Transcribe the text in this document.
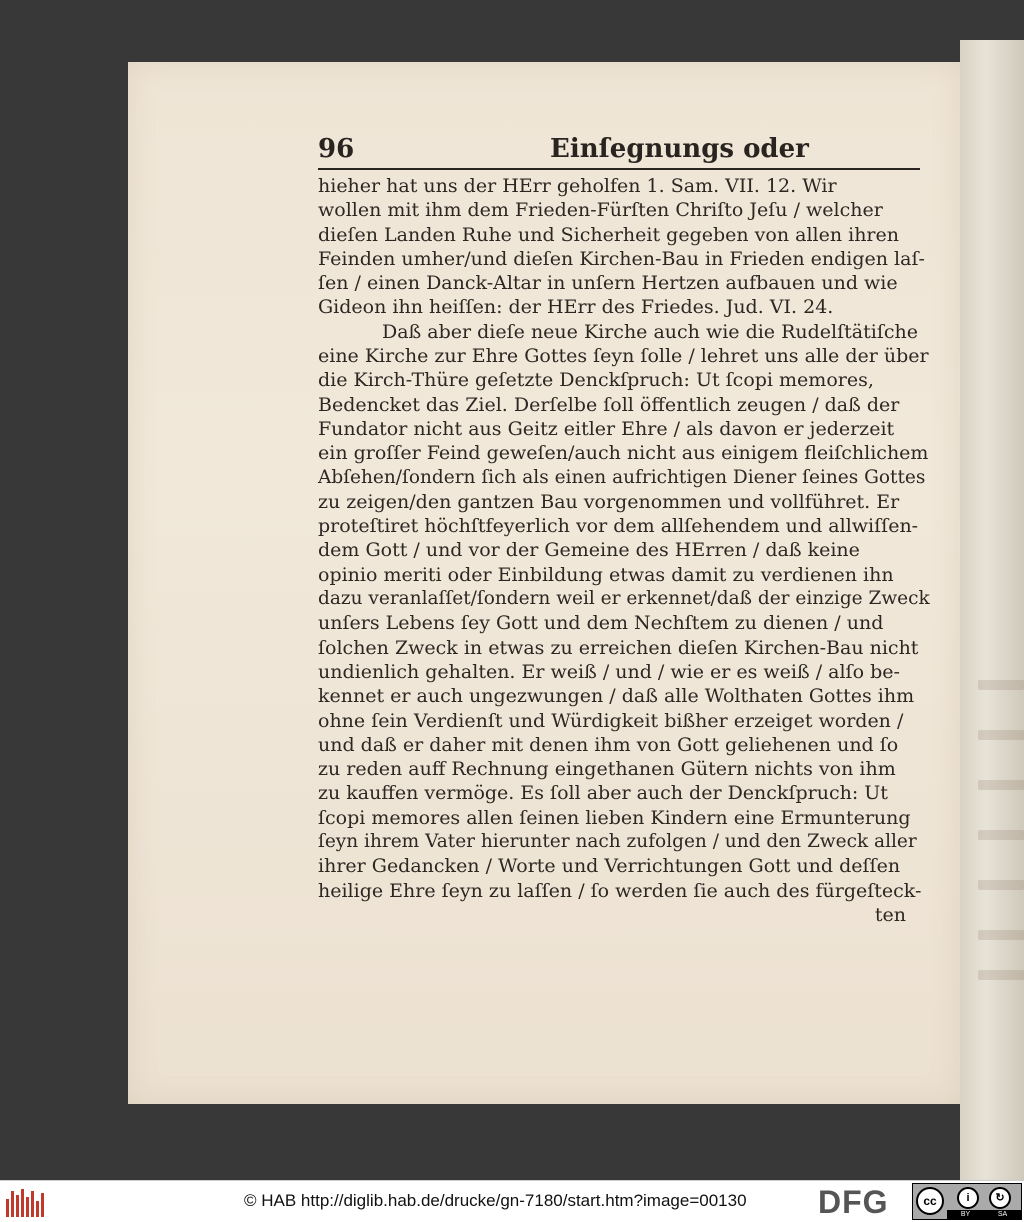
96	Einſegnungs oder
hieher hat uns der HErr geholfen 1. Sam. VII. 12. Wir
wollen mit ihm dem Frieden-Fürſten Chriſto Jeſu / welcher
dieſen Landen Ruhe und Sicherheit gegeben von allen ihren
Feinden umher/und dieſen Kirchen-Bau in Frieden endigen laſ-
ſen / einen Danck-Altar in unſern Hertzen aufbauen und wie
Gideon ihn heiſſen: der HErr des Friedes. Jud. VI. 24.
Daß aber dieſe neue Kirche auch wie die Rudelſtätiſche
eine Kirche zur Ehre Gottes ſeyn ſolle / lehret uns alle der über
die Kirch-Thüre geſetzte Denckſpruch: Ut ſcopi memores,
Bedencket das Ziel. Derſelbe ſoll öffentlich zeugen / daß der
Fundator nicht aus Geitz eitler Ehre / als davon er jederzeit
ein groſſer Feind geweſen/auch nicht aus einigem fleiſchlichem
Abſehen/ſondern ſich als einen aufrichtigen Diener ſeines Gottes
zu zeigen/den gantzen Bau vorgenommen und vollführet. Er
proteſtiret höchſtfeyerlich vor dem allſehendem und allwiſſen-
dem Gott / und vor der Gemeine des HErren / daß keine
opinio meriti oder Einbildung etwas damit zu verdienen ihn
dazu veranlaſſet/ſondern weil er erkennet/daß der einzige Zweck
unſers Lebens ſey Gott und dem Nechſtem zu dienen / und
ſolchen Zweck in etwas zu erreichen dieſen Kirchen-Bau nicht
undienlich gehalten. Er weiß / und / wie er es weiß / alſo be-
kennet er auch ungezwungen / daß alle Wolthaten Gottes ihm
ohne ſein Verdienſt und Würdigkeit bißher erzeiget worden /
und daß er daher mit denen ihm von Gott geliehenen und ſo
zu reden auff Rechnung eingethanen Gütern nichts von ihm
zu kauffen vermöge. Es ſoll aber auch der Denckſpruch: Ut
ſcopi memores allen ſeinen lieben Kindern eine Ermunterung
ſeyn ihrem Vater hierunter nach zufolgen / und den Zweck aller
ihrer Gedancken / Worte und Verrichtungen Gott und deſſen
heilige Ehre ſeyn zu laſſen / ſo werden ſie auch des fürgeſteck-
ten
© HAB http://diglib.hab.de/drucke/gn-7180/start.htm?image=00130 DFG	cc	i	↻
BY	SA
